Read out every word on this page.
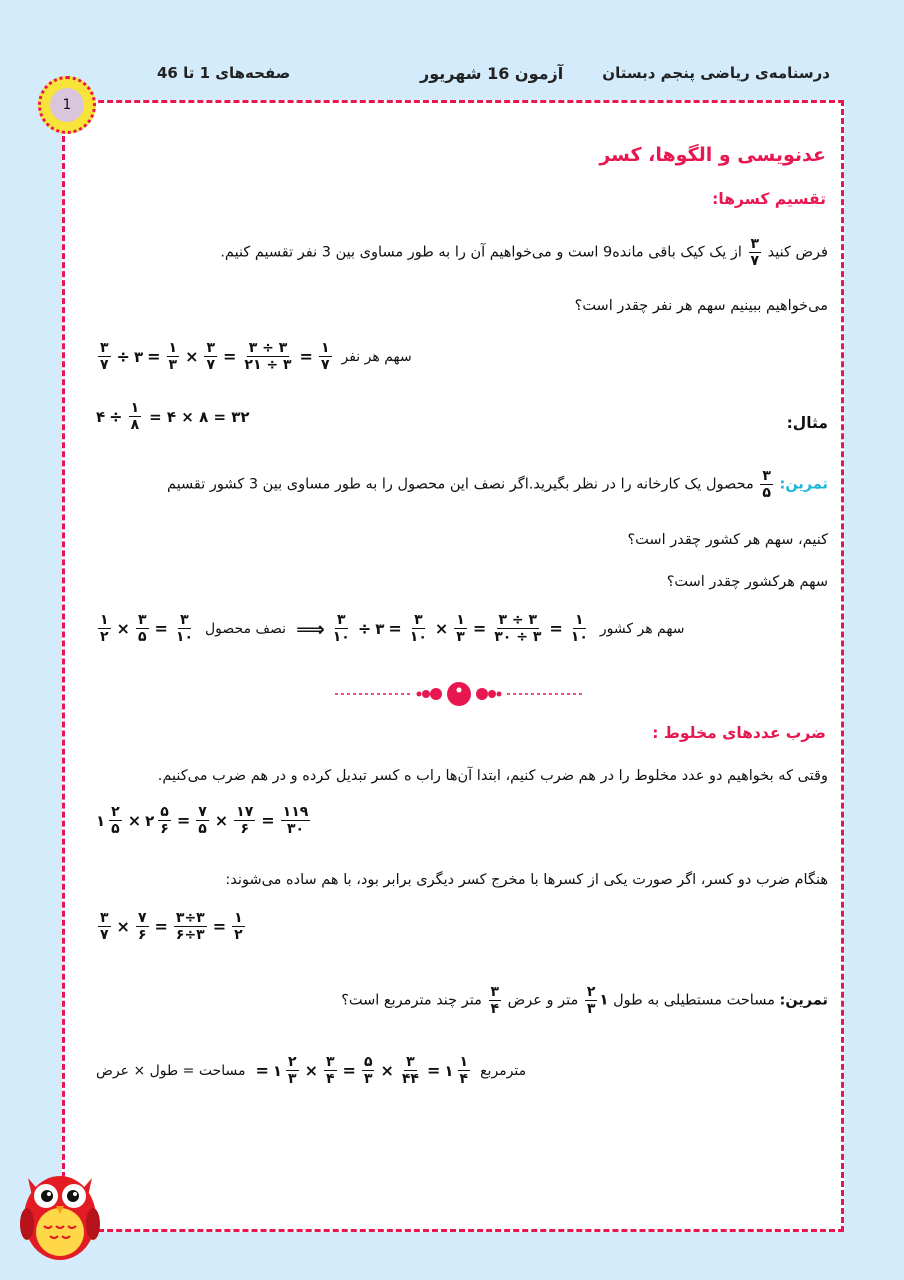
درسنامه‌ی ریاضی پنجم دبستان
آزمون 16 شهریور
صفحه‌های 1 تا 46
1
عدنویسی و الگوها، کسر
تقسیم کسرها:
فرض کنید
$\frac{۳}{۷}$
از یک کیک باقی مانده9 است و می‌خواهیم آن را به طور مساوی بین 3 نفر تقسیم کنیم.
می‌خواهیم ببینیم سهم هر نفر چقدر است؟
$\frac{۳}{۷}$ ÷ ۳ = $\frac{۱}{۳} \times \frac{۳}{۷} = \frac{۳ \div ۳}{۲۱ \div ۳} = \frac{۱}{۷}$ سهم هر نفر
مثال:
۴ ÷ $\frac{۱}{۸}$ = ۴ × ۸ = ۳۲
تمرین:
$\frac{۳}{۵}$
محصول یک کارخانه را در نظر بگیرید.اگر نصف این محصول را به طور مساوی بین 3 کشور تقسیم
کنیم، سهم هر کشور چقدر است؟
سهم هرکشور چقدر است؟
$\frac{۱}{۲} \times \frac{۳}{۵} = \frac{۳}{۱۰}$ نصف محصول ⟹ $\frac{۳}{۱۰}$ ÷ ۳ = $\frac{۳}{۱۰} \times \frac{۱}{۳} = \frac{۳ \div ۳}{۳۰ \div ۳} = \frac{۱}{۱۰}$ سهم هر کشور
ضرب عددهای مخلوط :
وقتی که بخواهیم دو عدد مخلوط را در هم ضرب کنیم، ابتدا آن‌ها راب ه کسر تبدیل کرده و در هم ضرب می‌کنیم.
۱ $\frac{۲}{۵}$ × ۲ $\frac{۵}{۶} = \frac{۷}{۵} \times \frac{۱۷}{۶} = \frac{۱۱۹}{۳۰}$
هنگام ضرب دو کسر، اگر صورت یکی از کسرها با مخرج کسر دیگری برابر بود، با هم ساده می‌شوند:
$\frac{۳}{۷} \times \frac{۷}{۶} = \frac{۳\div ۳}{۶\div ۳} = \frac{۱}{۲}$
تمرین: مساحت مستطیلی به طول ۱
$\frac{۲}{۳}$
متر و عرض
$\frac{۳}{۴}$
متر چند مترمربع است؟
مساحت = طول × عرض = ۱ $\frac{۲}{۳} \times \frac{۳}{۴} = \frac{۵}{۳} \times \frac{۳}{۴۴}$ = ۱ $\frac{۱}{۴}$ مترمربع
